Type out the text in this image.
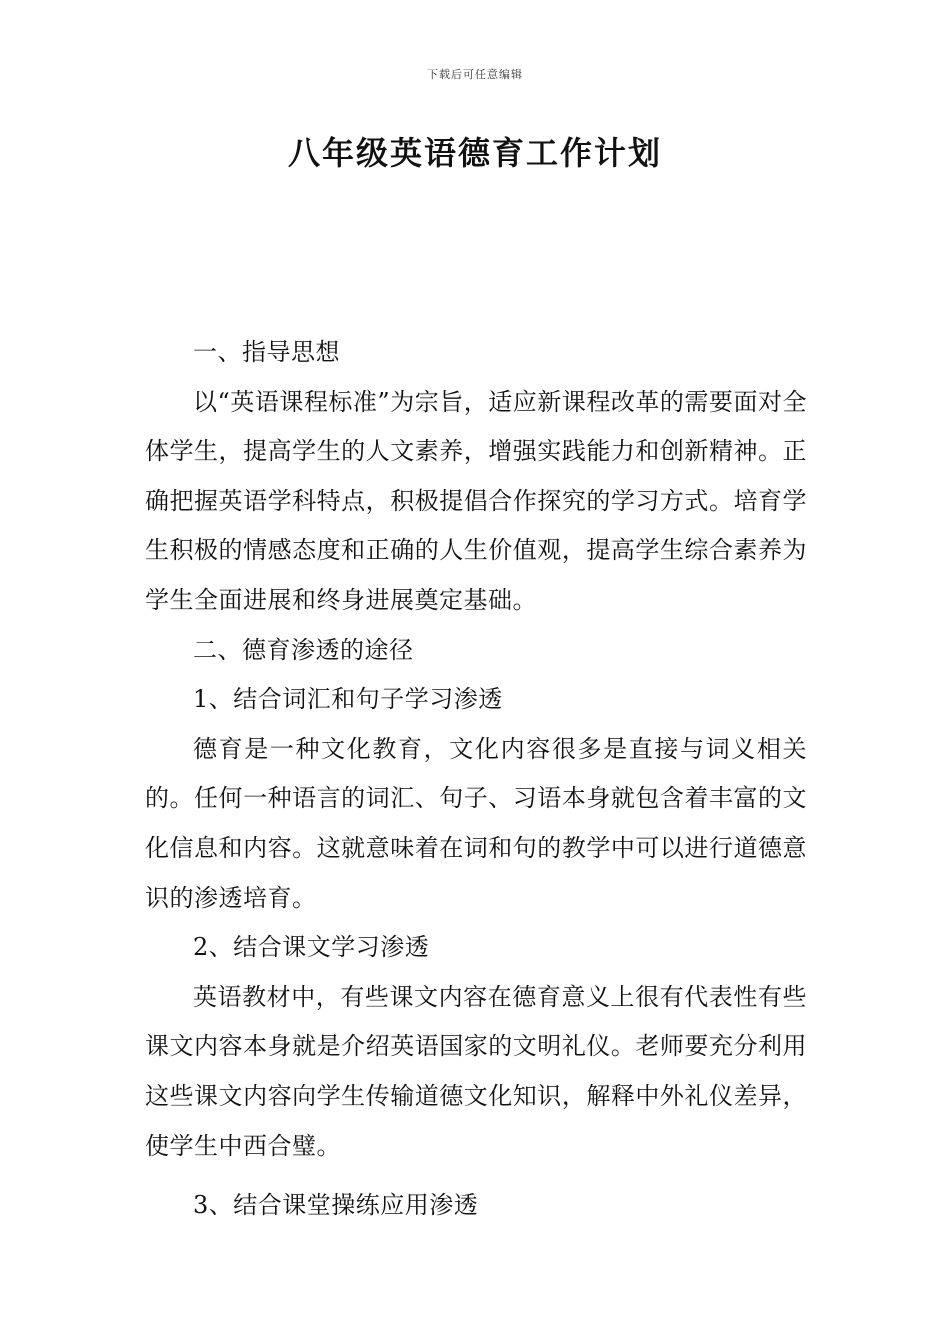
下载后可任意编辑
八年级英语德育工作计划

一、指导思想

以“英语课程标准”为宗旨，适应新课程改革的需要面对全体学生，提高学生的人文素养，增强实践能力和创新精神。正确把握英语学科特点，积极提倡合作探究的学习方式。培育学生积极的情感态度和正确的人生价值观，提高学生综合素养为学生全面进展和终身进展奠定基础。

二、德育渗透的途径

1、结合词汇和句子学习渗透

德育是一种文化教育，文化内容很多是直接与词义相关的。任何一种语言的词汇、句子、习语本身就包含着丰富的文化信息和内容。这就意味着在词和句的教学中可以进行道德意识的渗透培育。

2、结合课文学习渗透

英语教材中，有些课文内容在德育意义上很有代表性有些课文内容本身就是介绍英语国家的文明礼仪。老师要充分利用这些课文内容向学生传输道德文化知识，解释中外礼仪差异，使学生中西合璧。

3、结合课堂操练应用渗透
